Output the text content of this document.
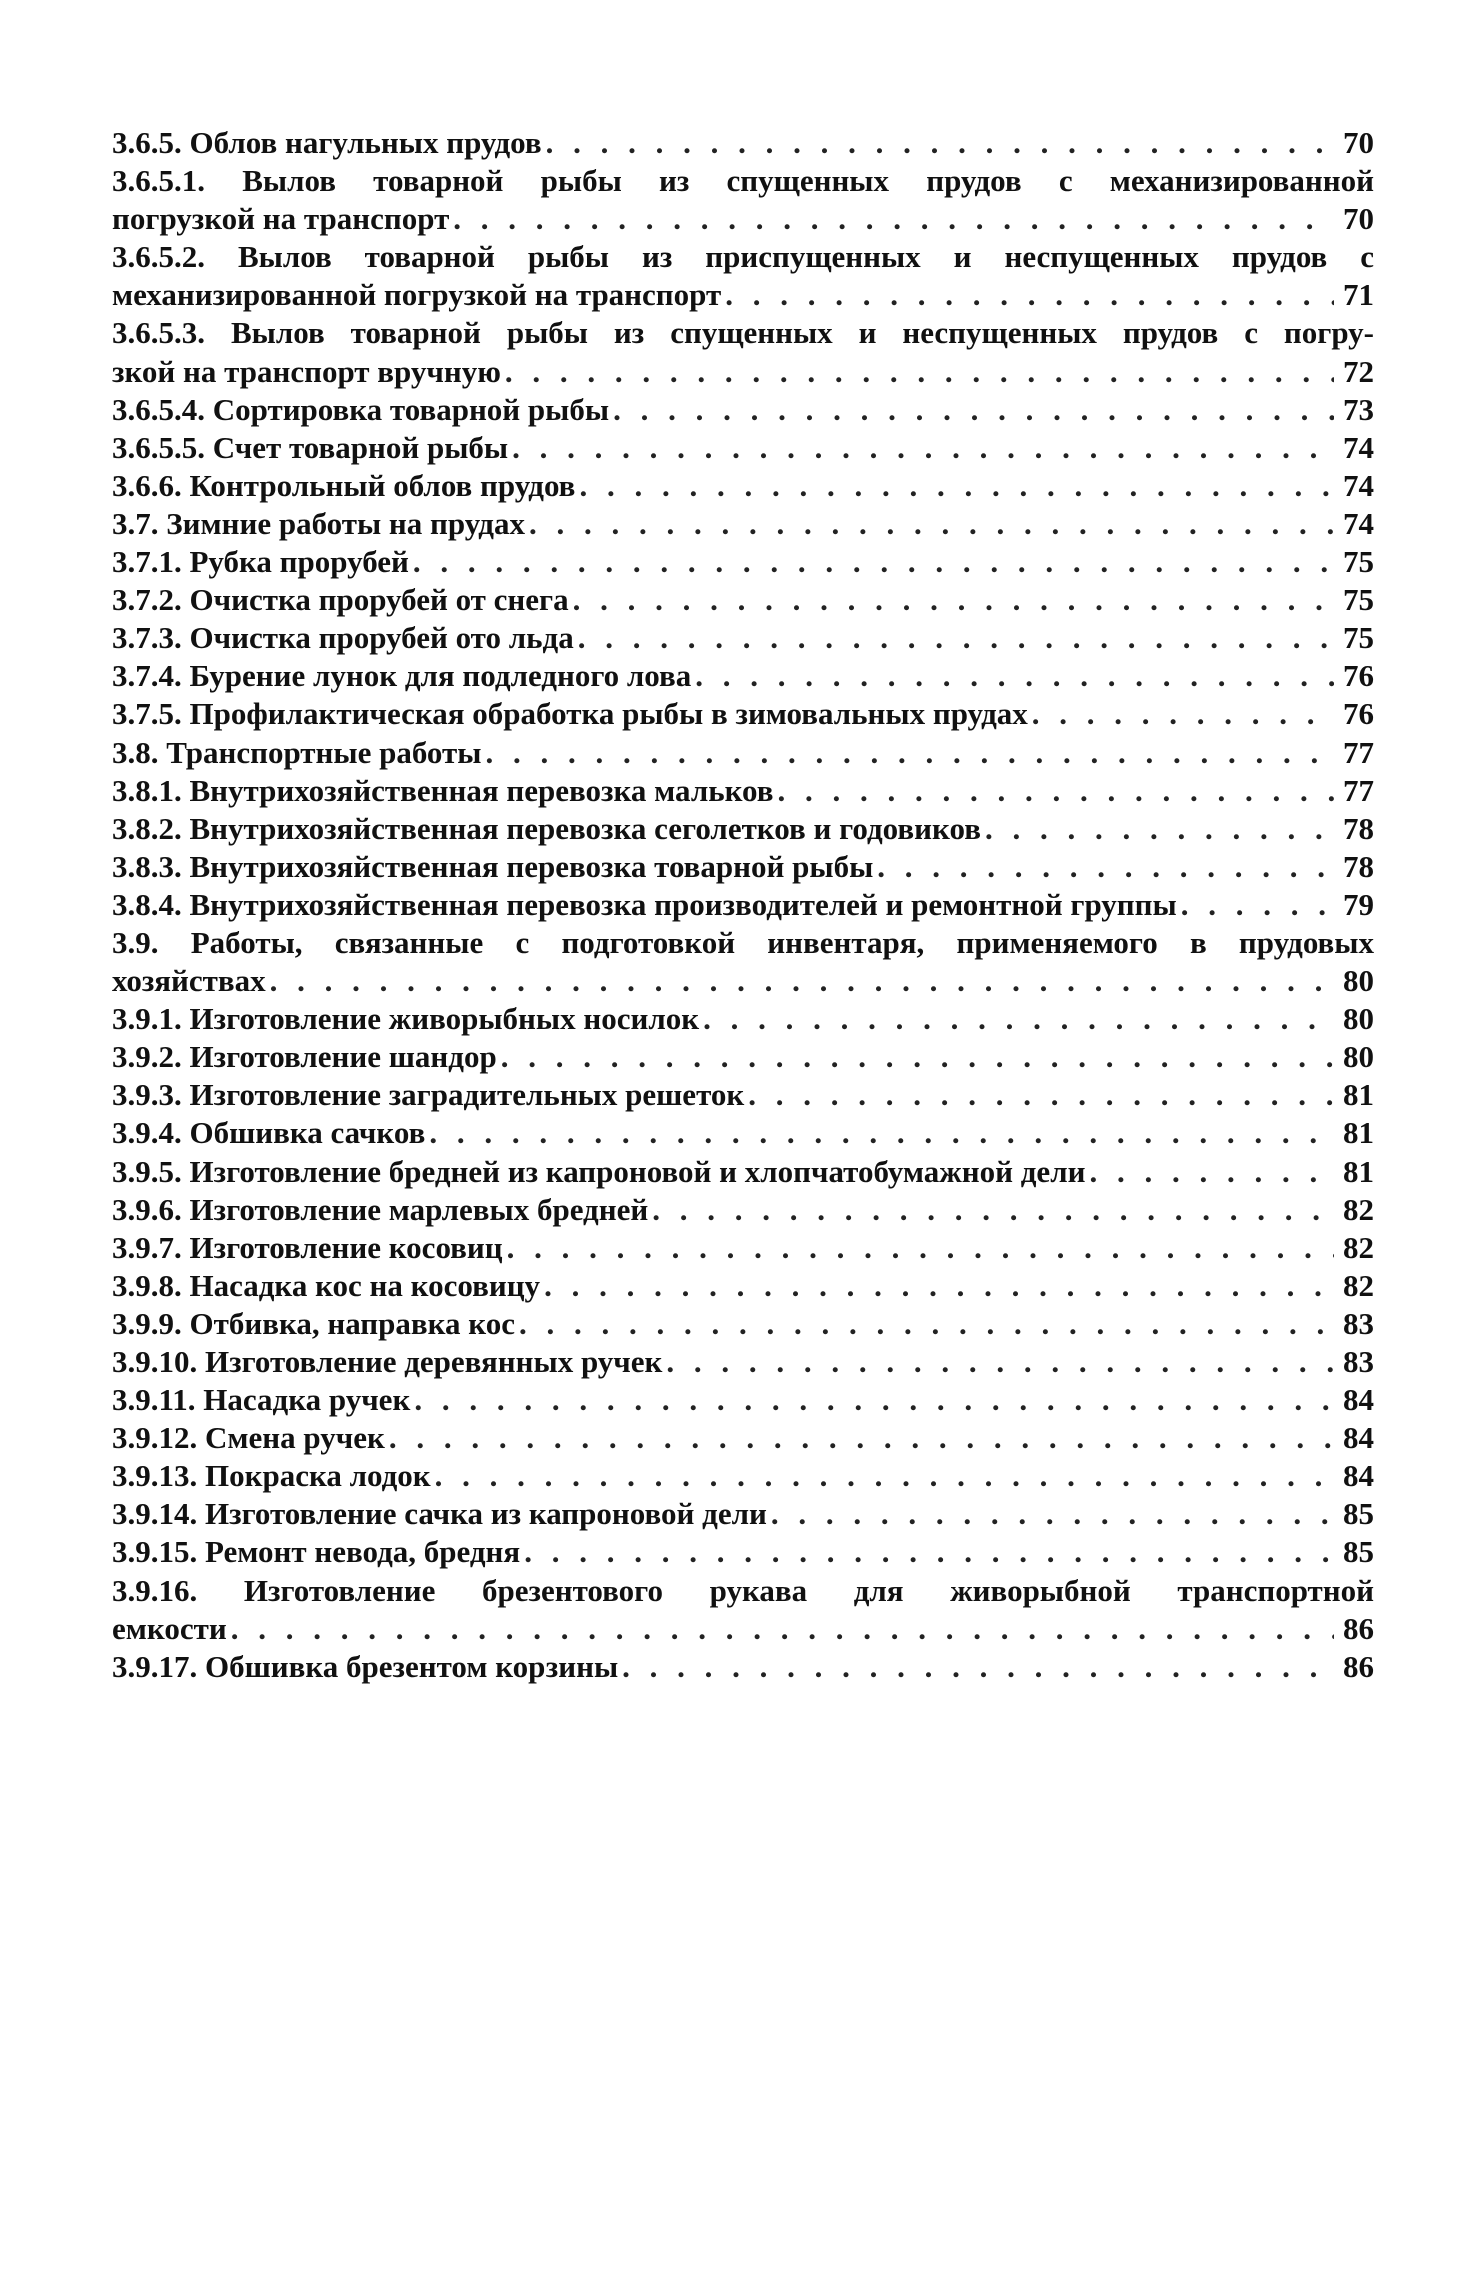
3.6.5. Облов нагульных прудов . . .	70
3.6.5.1. Вылов товарной рыбы из спущенных прудов с механизированной
погрузкой на транспорт . . .	70
3.6.5.2. Вылов товарной рыбы из приспущенных и неспущенных прудов с
механизированной погрузкой на транспорт . . .	71
3.6.5.3. Вылов товарной рыбы из спущенных и неспущенных прудов с погру-
зкой на транспорт вручную . . .	72
3.6.5.4. Сортировка товарной рыбы . . .	73
3.6.5.5. Счет товарной рыбы . . .	74
3.6.6. Контрольный облов прудов . . .	74
3.7. Зимние работы на прудах . . .	74
3.7.1. Рубка прорубей . . .	75
3.7.2. Очистка прорубей от снега . . .	75
3.7.3. Очистка прорубей ото льда . . .	75
3.7.4. Бурение лунок для подледного лова . . .	76
3.7.5. Профилактическая обработка рыбы в зимовальных прудах . . .	76
3.8. Транспортные работы . . .	77
3.8.1. Внутрихозяйственная перевозка мальков . . .	77
3.8.2. Внутрихозяйственная перевозка сеголетков и годовиков . . .	78
3.8.3. Внутрихозяйственная перевозка товарной рыбы . . .	78
3.8.4. Внутрихозяйственная перевозка производителей и ремонтной группы . . .	79
3.9. Работы, связанные с подготовкой инвентаря, применяемого в прудовых
хозяйствах . . .	80
3.9.1. Изготовление живорыбных носилок . . .	80
3.9.2. Изготовление шандор . . .	80
3.9.3. Изготовление заградительных решеток . . .	81
3.9.4. Обшивка сачков . . .	81
3.9.5. Изготовление бредней из капроновой и хлопчатобумажной дели . . .	81
3.9.6. Изготовление марлевых бредней . . .	82
3.9.7. Изготовление косовиц . . .	82
3.9.8. Насадка кос на косовицу . . .	82
3.9.9. Отбивка, направка кос . . .	83
3.9.10. Изготовление деревянных ручек . . .	83
3.9.11. Насадка ручек . . .	84
3.9.12. Смена ручек . . .	84
3.9.13. Покраска лодок . . .	84
3.9.14. Изготовление сачка из капроновой дели . . .	85
3.9.15. Ремонт невода, бредня . . .	85
3.9.16. Изготовление брезентового рукава для живорыбной транспортной
емкости . . .	86
3.9.17. Обшивка брезентом корзины . . .	86
